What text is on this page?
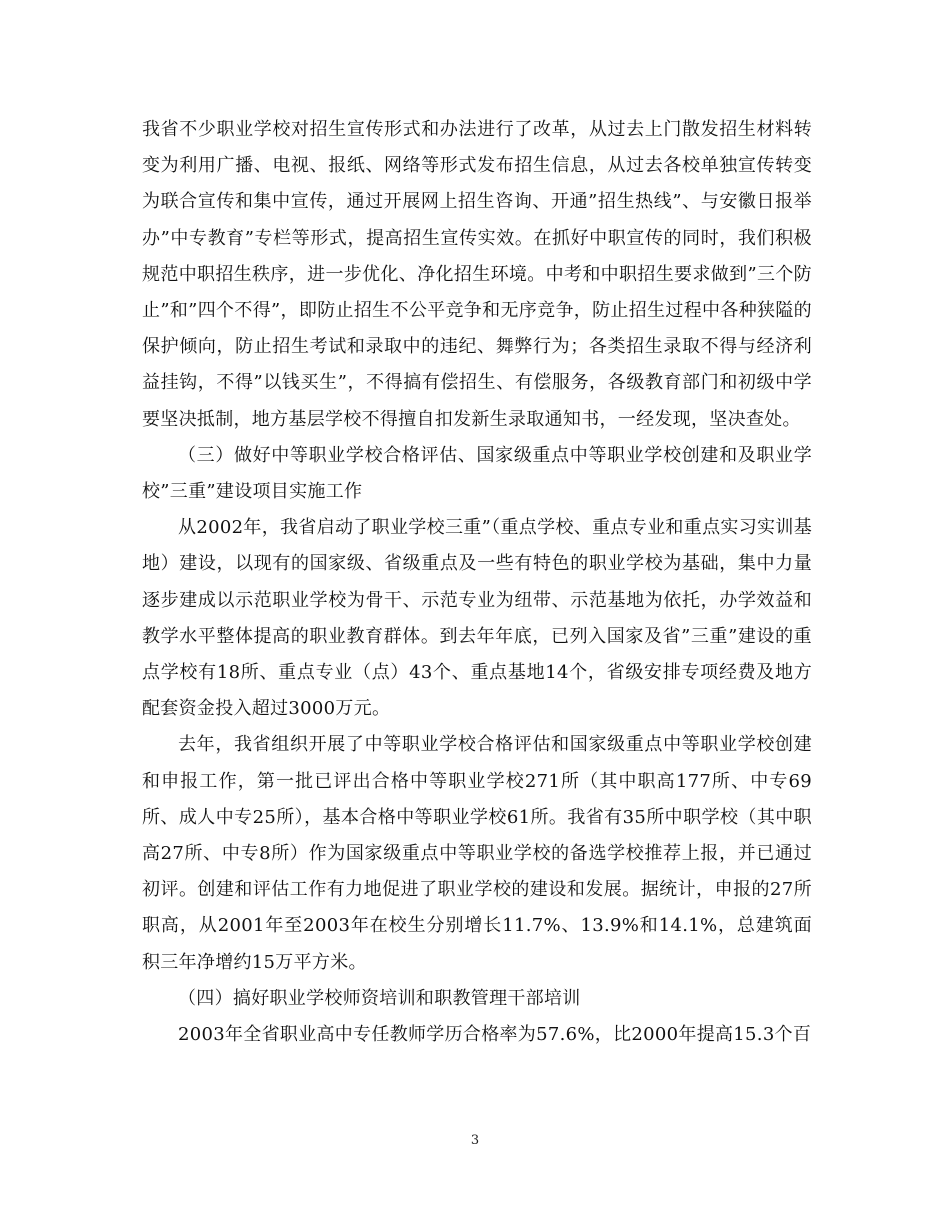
我省不少职业学校对招生宣传形式和办法进行了改革，从过去上门散发招生材料转变为利用广播、电视、报纸、网络等形式发布招生信息，从过去各校单独宣传转变为联合宣传和集中宣传，通过开展网上招生咨询、开通”招生热线”、与安徽日报举办”中专教育”专栏等形式，提高招生宣传实效。在抓好中职宣传的同时，我们积极规范中职招生秩序，进一步优化、净化招生环境。中考和中职招生要求做到”三个防止”和”四个不得”，即防止招生不公平竞争和无序竞争，防止招生过程中各种狭隘的保护倾向，防止招生考试和录取中的违纪、舞弊行为；各类招生录取不得与经济利益挂钩，不得”以钱买生”，不得搞有偿招生、有偿服务，各级教育部门和初级中学要坚决抵制，地方基层学校不得擅自扣发新生录取通知书，一经发现，坚决查处。

（三）做好中等职业学校合格评估、国家级重点中等职业学校创建和及职业学校”三重”建设项目实施工作

从2002年，我省启动了职业学校三重”（重点学校、重点专业和重点实习实训基地）建设，以现有的国家级、省级重点及一些有特色的职业学校为基础，集中力量逐步建成以示范职业学校为骨干、示范专业为纽带、示范基地为依托，办学效益和教学水平整体提高的职业教育群体。到去年年底，已列入国家及省”三重”建设的重点学校有18所、重点专业（点）43个、重点基地14个，省级安排专项经费及地方配套资金投入超过3000万元。

去年，我省组织开展了中等职业学校合格评估和国家级重点中等职业学校创建和申报工作，第一批已评出合格中等职业学校271所（其中职高177所、中专69所、成人中专25所），基本合格中等职业学校61所。我省有35所中职学校（其中职高27所、中专8所）作为国家级重点中等职业学校的备选学校推荐上报，并已通过初评。创建和评估工作有力地促进了职业学校的建设和发展。据统计，申报的27所职高，从2001年至2003年在校生分别增长11.7%、13.9%和14.1%，总建筑面积三年净增约15万平方米。

（四）搞好职业学校师资培训和职教管理干部培训

2003年全省职业高中专任教师学历合格率为57.6%，比2000年提高15.3个百

3
